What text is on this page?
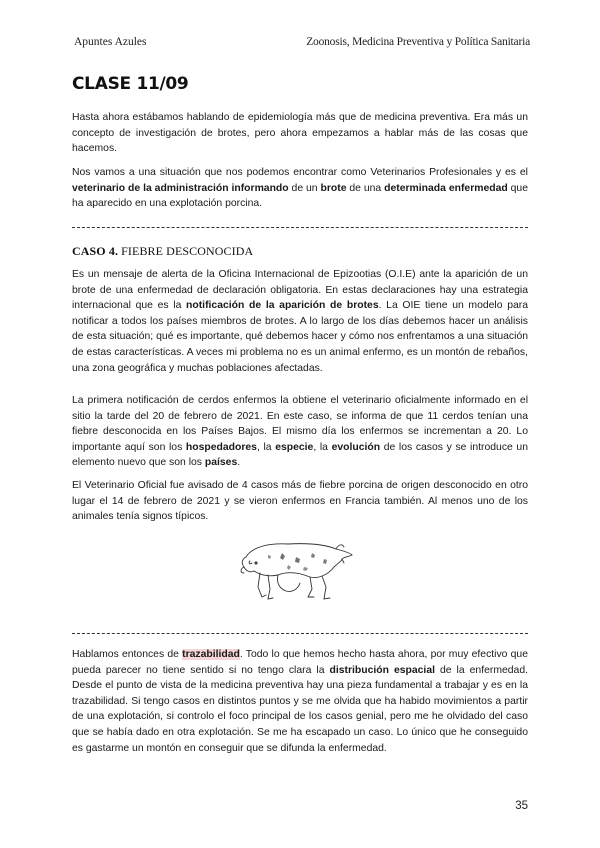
Apuntes Azules	Zoonosis, Medicina Preventiva y Política Sanitaria
CLASE 11/09

Hasta ahora estábamos hablando de epidemiología más que de medicina preventiva. Era más un concepto de investigación de brotes, pero ahora empezamos a hablar más de las cosas que hacemos.

Nos vamos a una situación que nos podemos encontrar como Veterinarios Profesionales y es el veterinario de la administración informando de un brote de una determinada enfermedad que ha aparecido en una explotación porcina.

CASO 4. FIEBRE DESCONOCIDA

Es un mensaje de alerta de la Oficina Internacional de Epizootias (O.I.E) ante la aparición de un brote de una enfermedad de declaración obligatoria. En estas declaraciones hay una estrategia internacional que es la notificación de la aparición de brotes. La OIE tiene un modelo para notificar a todos los países miembros de brotes. A lo largo de los días debemos hacer un análisis de esta situación; qué es importante, qué debemos hacer y cómo nos enfrentamos a una situación de estas características. A veces mi problema no es un animal enfermo, es un montón de rebaños, una zona geográfica y muchas poblaciones afectadas.

La primera notificación de cerdos enfermos la obtiene el veterinario oficialmente informado en el sitio la tarde del 20 de febrero de 2021. En este caso, se informa de que 11 cerdos tenían una fiebre desconocida en los Países Bajos. El mismo día los enfermos se incrementan a 20. Lo importante aquí son los hospedadores, la especie, la evolución de los casos y se introduce un elemento nuevo que son los países.

El Veterinario Oficial fue avisado de 4 casos más de fiebre porcina de origen desconocido en otro lugar el 14 de febrero de 2021 y se vieron enfermos en Francia también. Al menos uno de los animales tenía signos típicos.

Hablamos entonces de trazabilidad. Todo lo que hemos hecho hasta ahora, por muy efectivo que pueda parecer no tiene sentido si no tengo clara la distribución espacial de la enfermedad. Desde el punto de vista de la medicina preventiva hay una pieza fundamental a trabajar y es en la trazabilidad. Si tengo casos en distintos puntos y se me olvida que ha habido movimientos a partir de una explotación, si controlo el foco principal de los casos genial, pero me he olvidado del caso que se había dado en otra explotación. Se me ha escapado un caso. Lo único que he conseguido es gastarme un montón en conseguir que se difunda la enfermedad.

35
